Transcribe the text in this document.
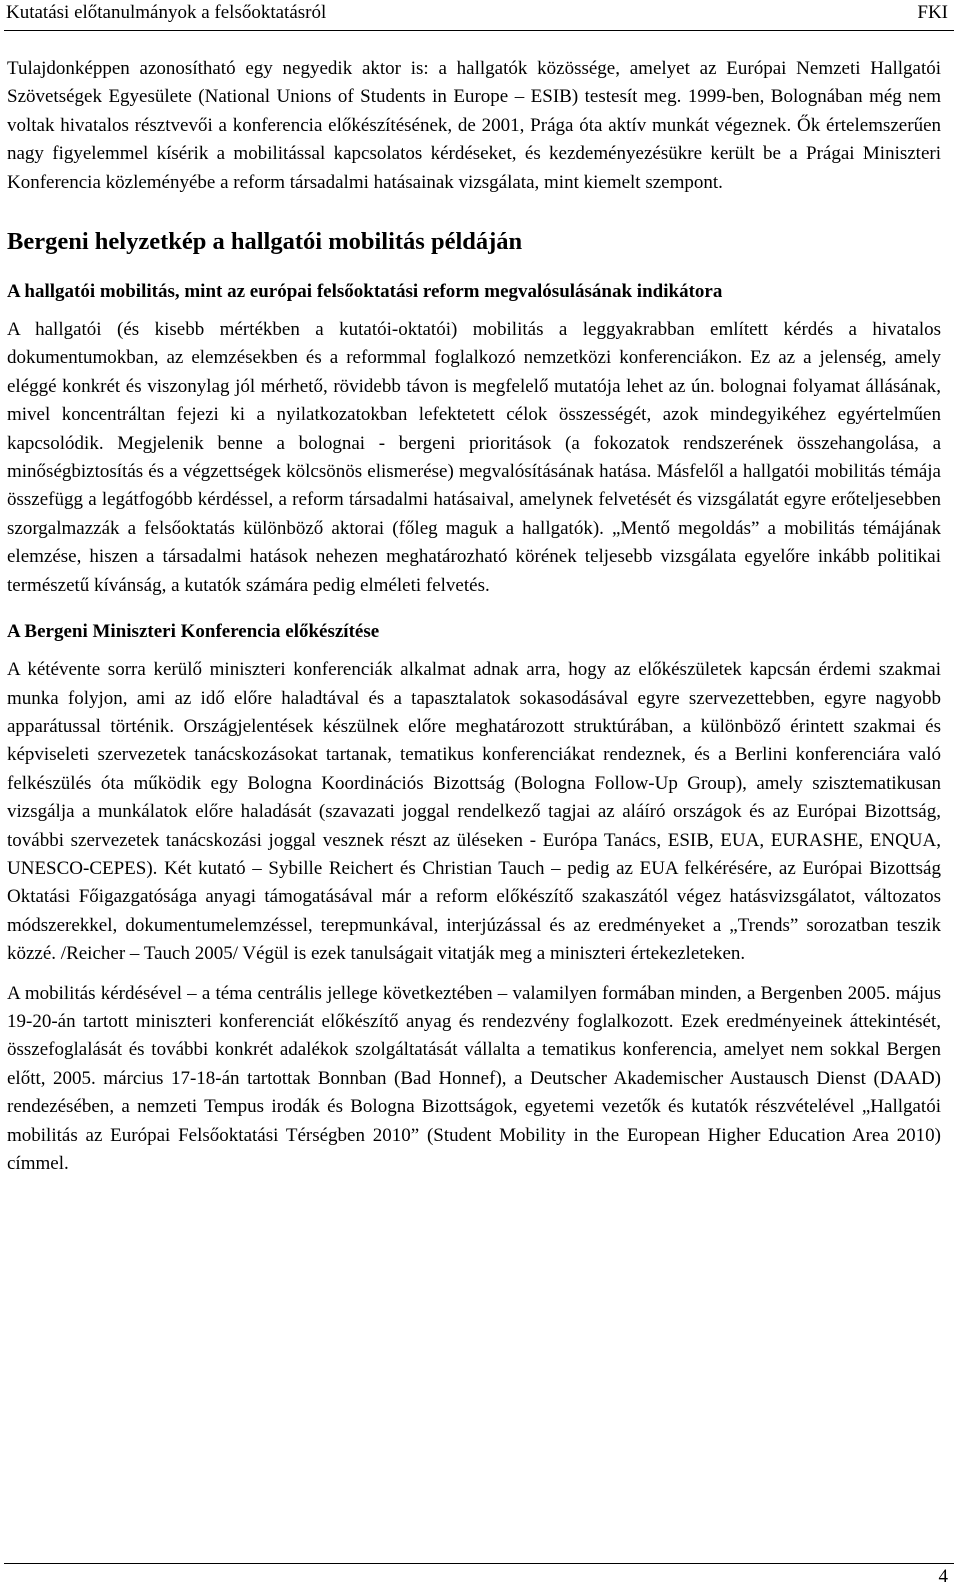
Kutatási előtanulmányok a felsőoktatásról	FKI

Tulajdonképpen azonosítható egy negyedik aktor is: a hallgatók közössége, amelyet az Európai Nemzeti Hallgatói Szövetségek Egyesülete (National Unions of Students in Europe – ESIB) testesít meg. 1999-ben, Bolognában még nem voltak hivatalos résztvevői a konferencia előkészítésének, de 2001, Prága óta aktív munkát végeznek. Ők értelemszerűen nagy figyelemmel kísérik a mobilitással kapcsolatos kérdéseket, és kezdeményezésükre került be a Prágai Miniszteri Konferencia közleményébe a reform társadalmi hatásainak vizsgálata, mint kiemelt szempont.

Bergeni helyzetkép a hallgatói mobilitás példáján
A hallgatói mobilitás, mint az európai felsőoktatási reform megvalósulásának indikátora

A hallgatói (és kisebb mértékben a kutatói-oktatói) mobilitás a leggyakrabban említett kérdés a hivatalos dokumentumokban, az elemzésekben és a reformmal foglalkozó nemzetközi konferenciákon. Ez az a jelenség, amely eléggé konkrét és viszonylag jól mérhető, rövidebb távon is megfelelő mutatója lehet az ún. bolognai folyamat állásának, mivel koncentráltan fejezi ki a nyilatkozatokban lefektetett célok összességét, azok mindegyikéhez egyértelműen kapcsolódik. Megjelenik benne a bolognai - bergeni prioritások (a fokozatok rendszerének összehangolása, a minőségbiztosítás és a végzettségek kölcsönös elismerése) megvalósításának hatása. Másfelől a hallgatói mobilitás témája összefügg a legátfogóbb kérdéssel, a reform társadalmi hatásaival, amelynek felvetését és vizsgálatát egyre erőteljesebben szorgalmazzák a felsőoktatás különböző aktorai (főleg maguk a hallgatók). „Mentő megoldás” a mobilitás témájának elemzése, hiszen a társadalmi hatások nehezen meghatározható körének teljesebb vizsgálata egyelőre inkább politikai természetű kívánság, a kutatók számára pedig elméleti felvetés.

A Bergeni Miniszteri Konferencia előkészítése

A kétévente sorra kerülő miniszteri konferenciák alkalmat adnak arra, hogy az előkészületek kapcsán érdemi szakmai munka folyjon, ami az idő előre haladtával és a tapasztalatok sokasodásával egyre szervezettebben, egyre nagyobb apparátussal történik. Országjelentések készülnek előre meghatározott struktúrában, a különböző érintett szakmai és képviseleti szervezetek tanácskozásokat tartanak, tematikus konferenciákat rendeznek, és a Berlini konferenciára való felkészülés óta működik egy Bologna Koordinációs Bizottság (Bologna Follow-Up Group), amely szisztematikusan vizsgálja a munkálatok előre haladását (szavazati joggal rendelkező tagjai az aláíró országok és az Európai Bizottság, további szervezetek tanácskozási joggal vesznek részt az üléseken - Európa Tanács, ESIB, EUA, EURASHE, ENQUA, UNESCO-CEPES). Két kutató – Sybille Reichert és Christian Tauch – pedig az EUA felkérésére, az Európai Bizottság Oktatási Főigazgatósága anyagi támogatásával már a reform előkészítő szakaszától végez hatásvizsgálatot, változatos módszerekkel, dokumentumelemzéssel, terepmunkával, interjúzással és az eredményeket a „Trends” sorozatban teszik közzé. /Reicher – Tauch 2005/ Végül is ezek tanulságait vitatják meg a miniszteri értekezleteken.

A mobilitás kérdésével – a téma centrális jellege következtében – valamilyen formában minden, a Bergenben 2005. május 19-20-án tartott miniszteri konferenciát előkészítő anyag és rendezvény foglalkozott. Ezek eredményeinek áttekintését, összefoglalását és további konkrét adalékok szolgáltatását vállalta a tematikus konferencia, amelyet nem sokkal Bergen előtt, 2005. március 17-18-án tartottak Bonnban (Bad Honnef), a Deutscher Akademischer Austausch Dienst (DAAD) rendezésében, a nemzeti Tempus irodák és Bologna Bizottságok, egyetemi vezetők és kutatók részvételével „Hallgatói mobilitás az Európai Felsőoktatási Térségben 2010” (Student Mobility in the European Higher Education Area 2010) címmel.

4
